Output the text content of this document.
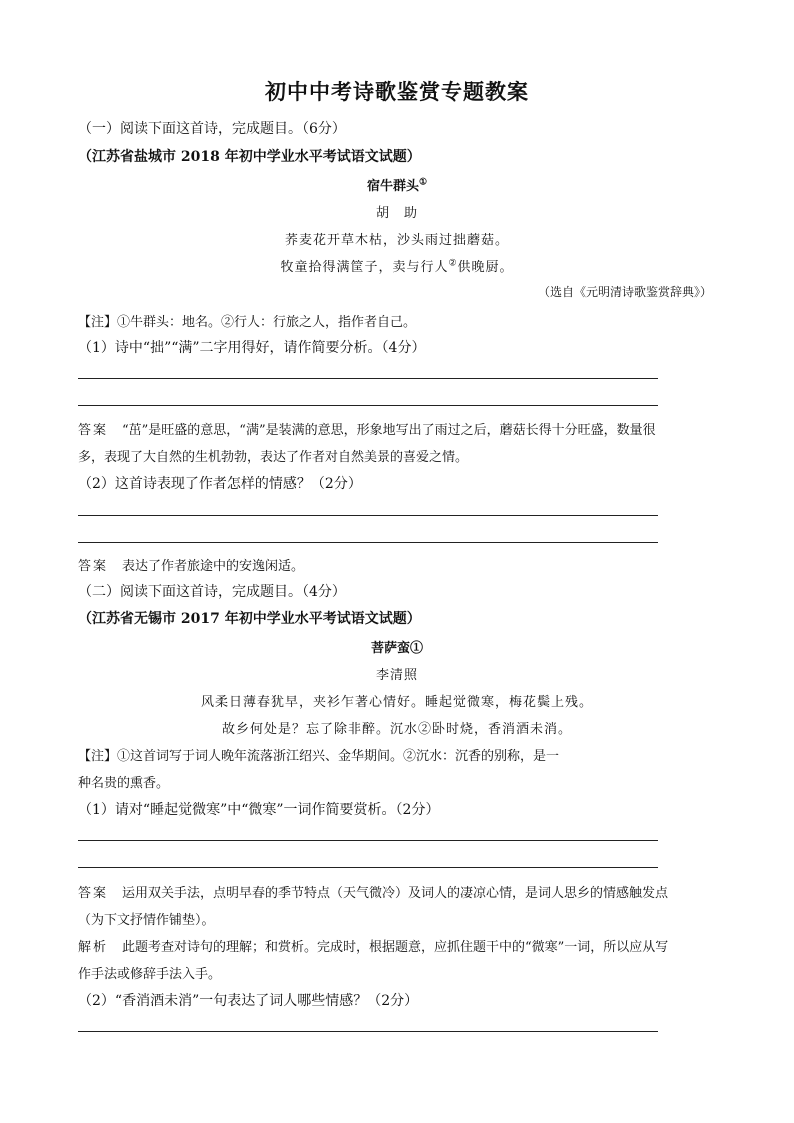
初中中考诗歌鉴赏专题教案
（一）阅读下面这首诗，完成题目。（6分）
（江苏省盐城市 2018 年初中学业水平考试语文试题）
宿牛群头①
胡　助
荞麦花开草木枯，沙头雨过拙蘑菇。
牧童拾得满筐子，卖与行人②供晚厨。
（选自《元明清诗歌鉴赏辞典》）
【注】①牛群头：地名。②行人：行旅之人，指作者自己。
（1）诗中“拙”“满”二字用得好，请作简要分析。（4分）
答案 “茁”是旺盛的意思，“满”是装满的意思，形象地写出了雨过之后，蘑菇长得十分旺盛，数量很
多，表现了大自然的生机勃勃，表达了作者对自然美景的喜爱之情。
（2）这首诗表现了作者怎样的情感？（2分）
答案 表达了作者旅途中的安逸闲适。
（二）阅读下面这首诗，完成题目。（4分）
（江苏省无锡市 2017 年初中学业水平考试语文试题）
菩萨蛮①
李清照
风柔日薄春犹早，夹衫乍著心情好。睡起觉微寒，梅花鬓上残。
故乡何处是？忘了除非醉。沉水②卧时烧，香消酒未消。
【注】①这首词写于词人晚年流落浙江绍兴、金华期间。②沉水：沉香的别称，是一
种名贵的熏香。
（1）请对“睡起觉微寒”中“微寒”一词作简要赏析。（2分）
答案 运用双关手法，点明早春的季节特点（天气微冷）及词人的凄凉心情，是词人思乡的情感触发点
（为下文抒情作铺垫）。
解析 此题考查对诗句的理解；和赏析。完成时，根据题意，应抓住题干中的“微寒”一词，所以应从写
作手法或修辞手法入手。
（2）“香消酒未消”一句表达了词人哪些情感？（2分）
